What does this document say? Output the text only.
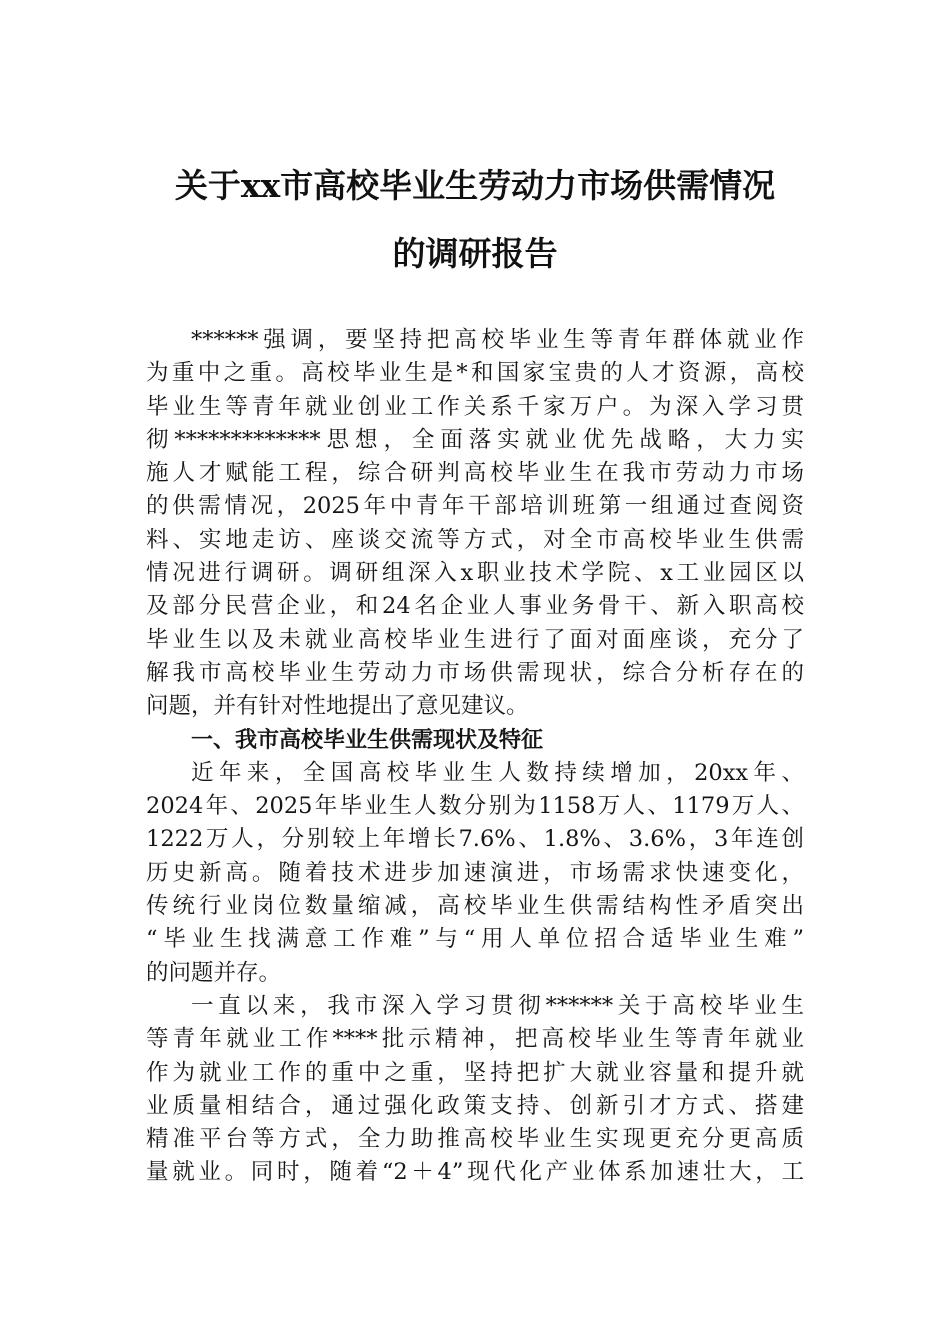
关于xx市高校毕业生劳动力市场供需情况
的调研报告
*​*​*​*​*​*​强​调​，​要​坚​持​把​高​校​毕​业​生​等​青​年​群​体​就​业​作
为​重​中​之​重​。​高​校​毕​业​生​是​*​和​国​家​宝​贵​的​人​才​资​源​，​高​校
毕​业​生​等​青​年​就​业​创​业​工​作​关​系​千​家​万​户​。​为​深​入​学​习​贯
彻​*​*​*​*​*​*​*​*​*​*​*​*​*​思​想​，​全​面​落​实​就​业​优​先​战​略​，​大​力​实
施​人​才​赋​能​工​程​，​综​合​研​判​高​校​毕​业​生​在​我​市​劳​动​力​市​场
的​供​需​情​况​，​2​0​2​5​年​中​青​年​干​部​培​训​班​第​一​组​通​过​查​阅​资
料​、​实​地​走​访​、​座​谈​交​流​等​方​式​，​对​全​市​高​校​毕​业​生​供​需
情​况​进​行​调​研​。​调​研​组​深​入​x​职​业​技​术​学​院​、​x​工​业​园​区​以
及​部​分​民​营​企​业​，​和​2​4​名​企​业​人​事​业​务​骨​干​、​新​入​职​高​校
毕​业​生​以​及​未​就​业​高​校​毕​业​生​进​行​了​面​对​面​座​谈​，​充​分​了
解​我​市​高​校​毕​业​生​劳​动​力​市​场​供​需​现​状​，​综​合​分​析​存​在​的
问​题​，​并​有​针​对​性​地​提​出​了​意​见​建​议​。
一​、​我​市​高​校​毕​业​生​供​需​现​状​及​特​征
近​年​来​，​全​国​高​校​毕​业​生​人​数​持​续​增​加​，​2​0​x​x​年​、
2​0​2​4​年​、​2​0​2​5​年​毕​业​生​人​数​分​别​为​1​1​5​8​万​人​、​1​1​7​9​万​人​、
1​2​2​2​万​人​，​分​别​较​上​年​增​长​7​.​6​%​、​1​.​8​%​、​3​.​6​%​，​3​年​连​创
历​史​新​高​。​随​着​技​术​进​步​加​速​演​进​，​市​场​需​求​快​速​变​化​，
传​统​行​业​岗​位​数​量​缩​减​，​高​校​毕​业​生​供​需​结​构​性​矛​盾​突​出
“​毕​业​生​找​满​意​工​作​难​”​与​“​用​人​单​位​招​合​适​毕​业​生​难​”
的​问​题​并​存​。
一​直​以​来​，​我​市​深​入​学​习​贯​彻​*​*​*​*​*​*​关​于​高​校​毕​业​生
等​青​年​就​业​工​作​*​*​*​*​批​示​精​神​，​把​高​校​毕​业​生​等​青​年​就​业
作​为​就​业​工​作​的​重​中​之​重​，​坚​持​把​扩​大​就​业​容​量​和​提​升​就
业​质​量​相​结​合​，​通​过​强​化​政​策​支​持​、​创​新​引​才​方​式​、​搭​建
精​准​平​台​等​方​式​，​全​力​助​推​高​校​毕​业​生​实​现​更​充​分​更​高​质
量​就​业​。​同​时​，​随​着​“​2​＋​4​”​现​代​化​产​业​体​系​加​速​壮​大​，​工
